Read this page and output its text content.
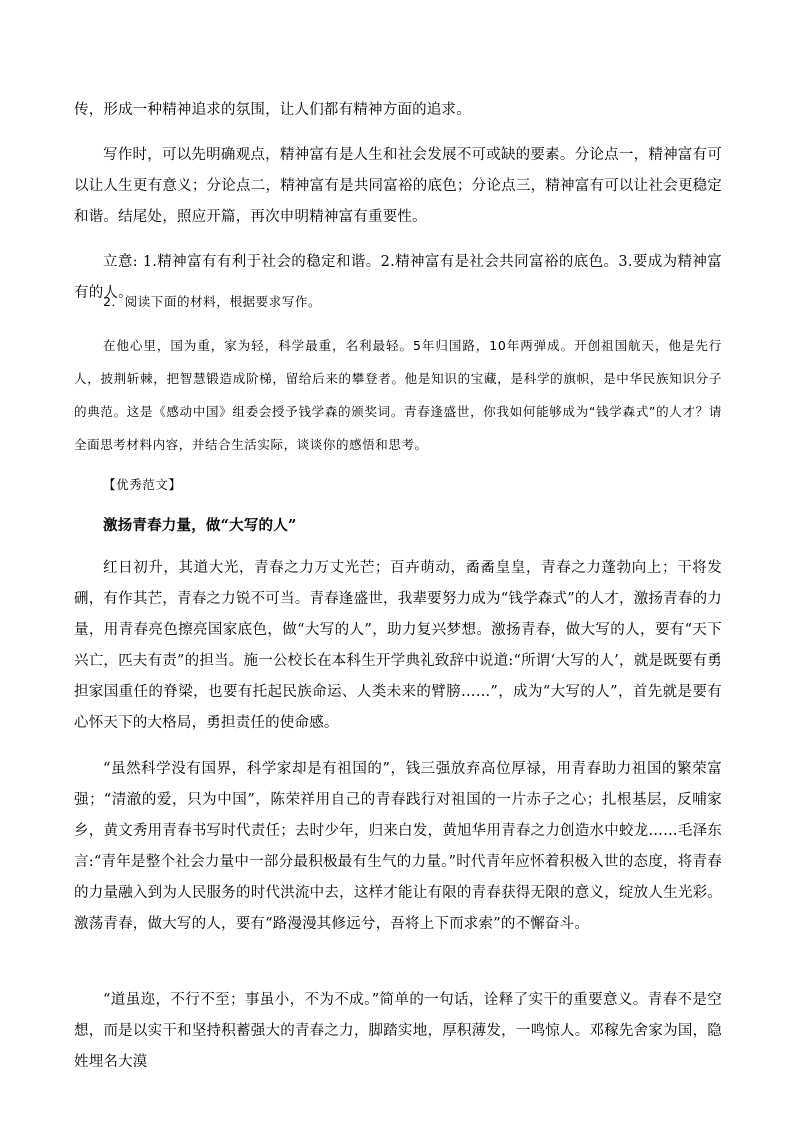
传，形成一种精神追求的氛围，让人们都有精神方面的追求。

写作时，可以先明确观点，精神富有是人生和社会发展不可或缺的要素。分论点一，精神富有可以让人生更有意义；分论点二，精神富有是共同富裕的底色；分论点三，精神富有可以让社会更稳定和谐。结尾处，照应开篇，再次申明精神富有重要性。

立意: 1.精神富有有利于社会的稳定和谐。2.精神富有是社会共同富裕的底色。3.要成为精神富有的人。

2．阅读下面的材料，根据要求写作。

在他心里，国为重，家为轻，科学最重，名利最轻。5年归国路，10年两弹成。开创祖国航天，他是先行人，披荆斩棘，把智慧锻造成阶梯，留给后来的攀登者。他是知识的宝藏，是科学的旗帜，是中华民族知识分子的典范。这是《感动中国》组委会授予钱学森的颁奖词。青春逢盛世，你我如何能够成为“钱学森式”的人才？请全面思考材料内容，并结合生活实际，谈谈你的感悟和思考。

【优秀范文】

激扬青春力量，做“大写的人”

红日初升，其道大光，青春之力万丈光芒；百卉萌动，矞矞皇皇，青春之力蓬勃向上；干将发硎，有作其芒，青春之力锐不可当。青春逢盛世，我辈要努力成为“钱学森式”的人才，激扬青春的力量，用青春亮色擦亮国家底色，做“大写的人”，助力复兴梦想。激扬青春，做大写的人，要有“天下兴亡，匹夫有责”的担当。施一公校长在本科生开学典礼致辞中说道:“所谓‘大写的人’，就是既要有勇担家国重任的脊梁，也要有托起民族命运、人类未来的臂膀……”，成为“大写的人”，首先就是要有心怀天下的大格局，勇担责任的使命感。

“虽然科学没有国界，科学家却是有祖国的”，钱三强放弃高位厚禄，用青春助力祖国的繁荣富强；“清澈的爱，只为中国”，陈荣祥用自己的青春践行对祖国的一片赤子之心；扎根基层，反哺家乡，黄文秀用青春书写时代责任；去时少年，归来白发，黄旭华用青春之力创造水中蛟龙……毛泽东言:“青年是整个社会力量中一部分最积极最有生气的力量。”时代青年应怀着积极入世的态度，将青春的力量融入到为人民服务的时代洪流中去，这样才能让有限的青春获得无限的意义，绽放人生光彩。激荡青春，做大写的人，要有“路漫漫其修远兮，吾将上下而求索”的不懈奋斗。

“道虽迩，不行不至；事虽小，不为不成。”简单的一句话，诠释了实干的重要意义。青春不是空想，而是以实干和坚持积蓄强大的青春之力，脚踏实地，厚积薄发，一鸣惊人。邓稼先舍家为国，隐姓埋名大漠
